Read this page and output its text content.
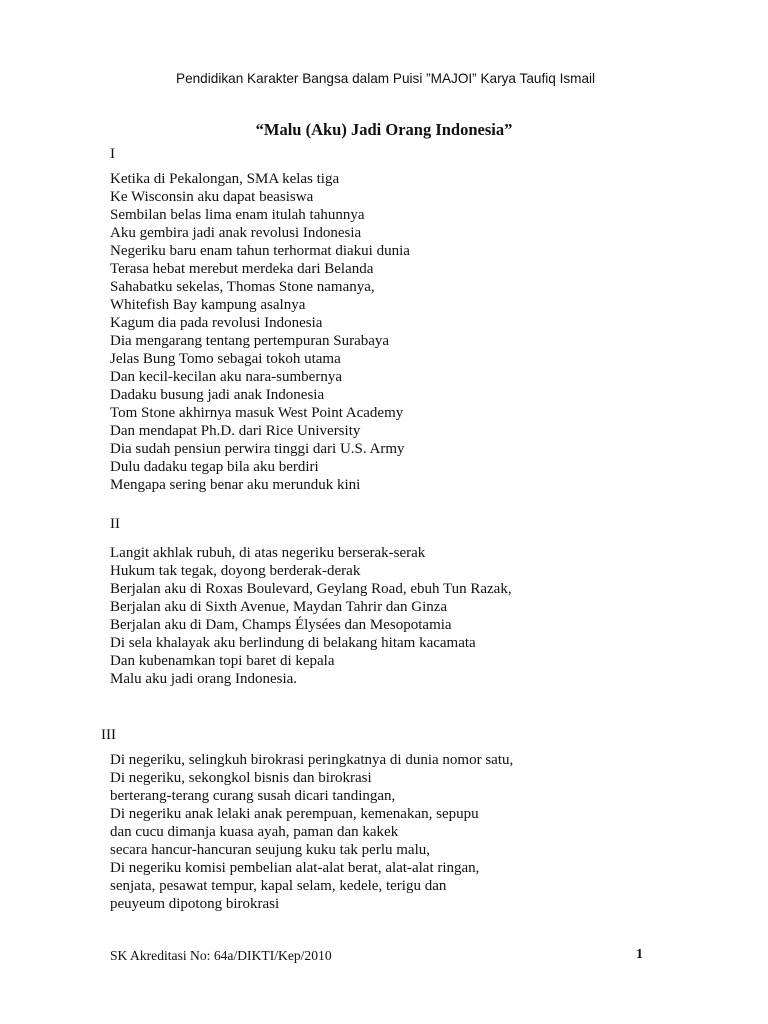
Pendidikan Karakter Bangsa dalam Puisi ”MAJOI” Karya Taufiq Ismail
“Malu (Aku) Jadi Orang Indonesia”
I
Ketika di Pekalongan, SMA kelas tiga
Ke Wisconsin aku dapat beasiswa
Sembilan belas lima enam itulah tahunnya
Aku gembira jadi anak revolusi Indonesia
Negeriku baru enam tahun terhormat diakui dunia
Terasa hebat merebut merdeka dari Belanda
Sahabatku sekelas, Thomas Stone namanya,
Whitefish Bay kampung asalnya
Kagum dia pada revolusi Indonesia
Dia mengarang tentang pertempuran Surabaya
Jelas Bung Tomo sebagai tokoh utama
Dan kecil-kecilan aku nara-sumbernya
Dadaku busung jadi anak Indonesia
Tom Stone akhirnya masuk West Point Academy
Dan mendapat Ph.D. dari Rice University
Dia sudah pensiun perwira tinggi dari U.S. Army
Dulu dadaku tegap bila aku berdiri
Mengapa sering benar aku merunduk kini
II
Langit akhlak rubuh, di atas negeriku berserak-serak
Hukum tak tegak, doyong berderak-derak
Berjalan aku di Roxas Boulevard, Geylang Road, ebuh Tun Razak,
Berjalan aku di Sixth Avenue, Maydan Tahrir dan Ginza
Berjalan aku di Dam, Champs Élysées dan Mesopotamia
Di sela khalayak aku berlindung di belakang hitam kacamata
Dan kubenamkan topi baret di kepala
Malu aku jadi orang Indonesia.
III
Di negeriku, selingkuh birokrasi peringkatnya di dunia nomor satu,
Di negeriku, sekongkol bisnis dan birokrasi
berterang-terang curang susah dicari tandingan,
Di negeriku anak lelaki anak perempuan, kemenakan, sepupu
dan cucu dimanja kuasa ayah, paman dan kakek
secara hancur-hancuran seujung kuku tak perlu malu,
Di negeriku komisi pembelian alat-alat berat, alat-alat ringan,
senjata, pesawat tempur, kapal selam, kedele, terigu dan
peuyeum dipotong birokrasi
SK Akreditasi No: 64a/DIKTI/Kep/2010	1
